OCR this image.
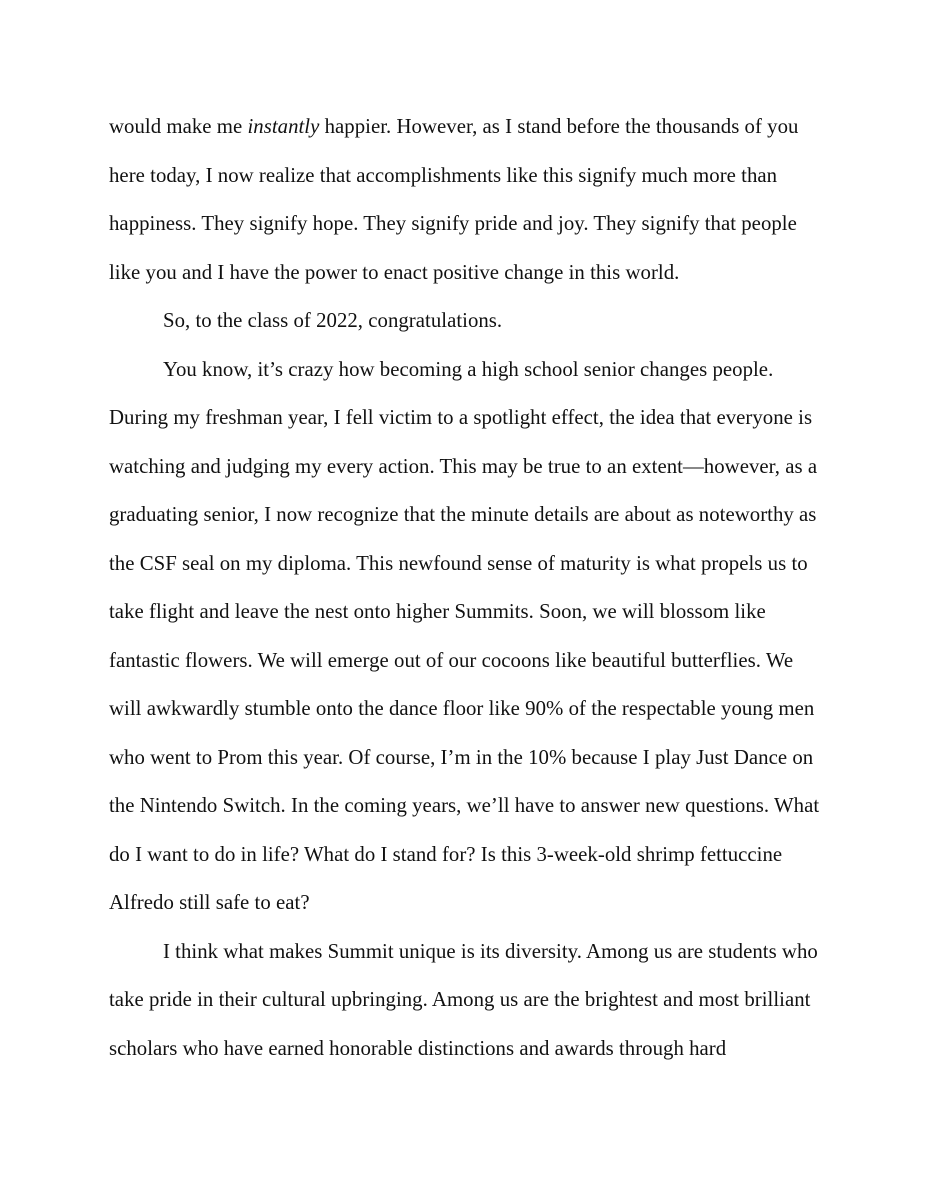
would make me instantly happier. However, as I stand before the thousands of you here today, I now realize that accomplishments like this signify much more than happiness. They signify hope. They signify pride and joy. They signify that people like you and I have the power to enact positive change in this world.

So, to the class of 2022, congratulations.

You know, it’s crazy how becoming a high school senior changes people. During my freshman year, I fell victim to a spotlight effect, the idea that everyone is watching and judging my every action. This may be true to an extent—however, as a graduating senior, I now recognize that the minute details are about as noteworthy as the CSF seal on my diploma. This newfound sense of maturity is what propels us to take flight and leave the nest onto higher Summits. Soon, we will blossom like fantastic flowers. We will emerge out of our cocoons like beautiful butterflies. We will awkwardly stumble onto the dance floor like 90% of the respectable young men who went to Prom this year. Of course, I’m in the 10% because I play Just Dance on the Nintendo Switch. In the coming years, we’ll have to answer new questions. What do I want to do in life? What do I stand for? Is this 3-week-old shrimp fettuccine Alfredo still safe to eat?

I think what makes Summit unique is its diversity. Among us are students who take pride in their cultural upbringing. Among us are the brightest and most brilliant scholars who have earned honorable distinctions and awards through hard
